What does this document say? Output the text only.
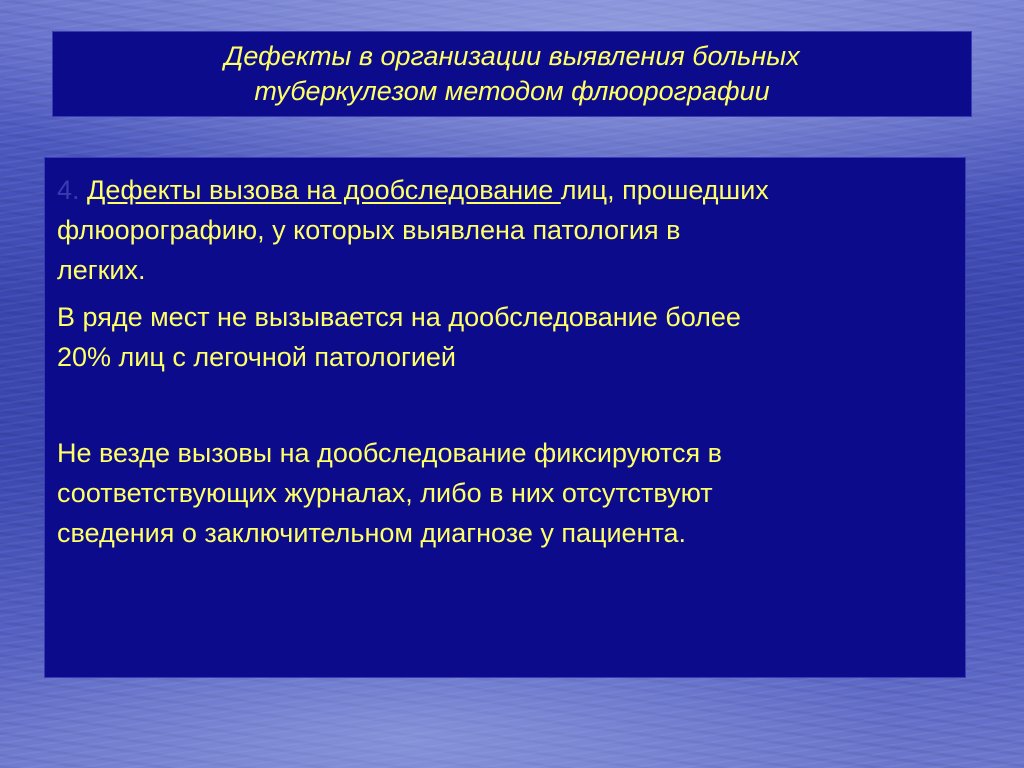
Дефекты в организации выявления больных
туберкулезом методом флюорографии

4. Дефекты вызова на дообследование лиц, прошедших
флюорографию, у которых выявлена патология в
легких.

В ряде мест не вызывается на дообследование более
20% лиц с легочной патологией

Не везде вызовы на дообследование фиксируются в
соответствующих журналах, либо в них отсутствуют
сведения о заключительном диагнозе у пациента.
